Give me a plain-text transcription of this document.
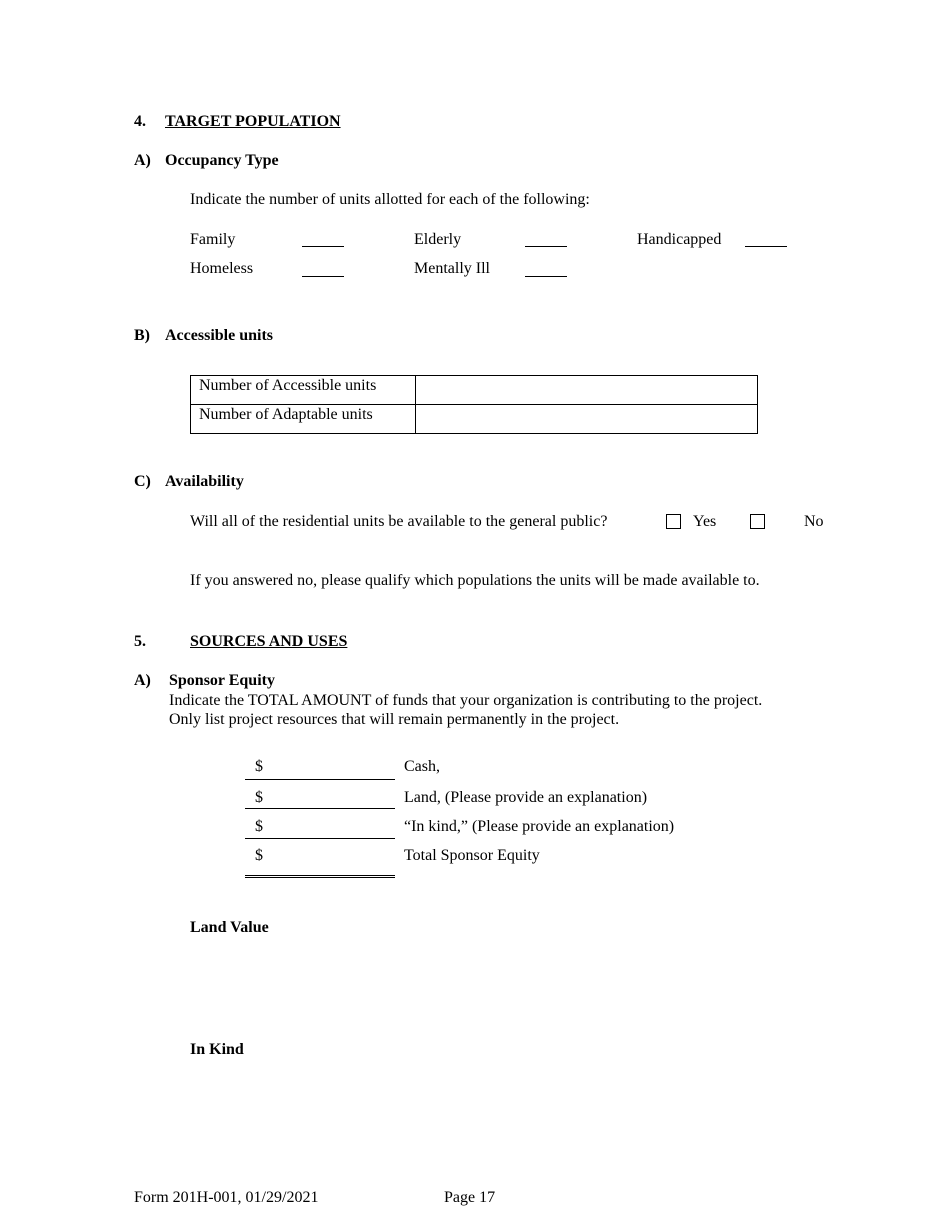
4. TARGET POPULATION
A) Occupancy Type
Indicate the number of units allotted for each of the following:
Family	Elderly	Handicapped
Homeless	Mentally Ill
B) Accessible units
Number of Accessible units	
Number of Adaptable units	
C) Availability
Will all of the residential units be available to the general public?	Yes	No
If you answered no, please qualify which populations the units will be made available to.
5.	SOURCES AND USES
A) Sponsor Equity
Indicate the TOTAL AMOUNT of funds that your organization is contributing to the project.
Only list project resources that will remain permanently in the project.
$	Cash,
$	Land, (Please provide an explanation)
$	“In kind,” (Please provide an explanation)
$	Total Sponsor Equity
Land Value
In Kind
Form 201H-001, 01/29/2021	Page 17
